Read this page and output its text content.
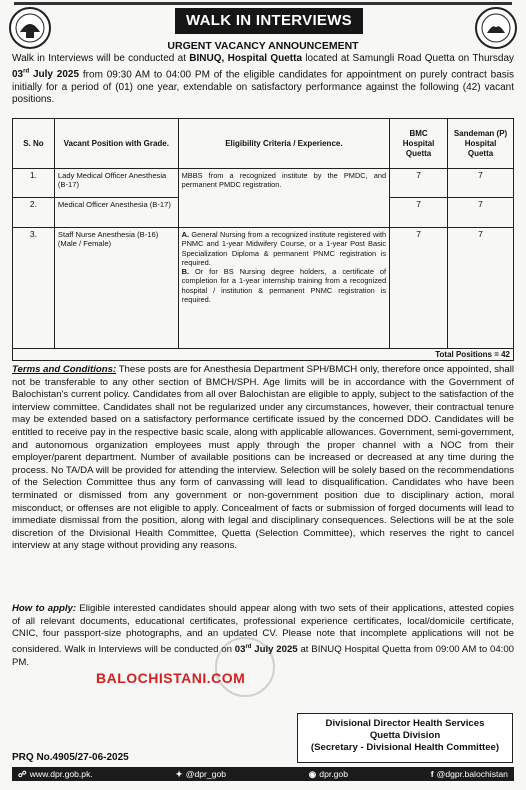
WALK IN INTERVIEWS
URGENT VACANCY ANNOUNCEMENT
Walk in Interviews will be conducted at BINUQ, Hospital Quetta located at Samungli Road Quetta on Thursday 03rd July 2025 from 09:30 AM to 04:00 PM of the eligible candidates for appointment on purely contract basis initially for a period of (01) one year, extendable on satisfactory performance against the following (42) vacant positions.
S. No	Vacant Position with Grade.	Eligibility Criteria / Experience.	BMC Hospital Quetta	Sandeman (P) Hospital Quetta
1.	Lady Medical Officer Anesthesia (B-17)	MBBS from a recognized institute by the PMDC, and permanent PMDC registration.	7	7
2.	Medical Officer Anesthesia (B-17)		7	7
3.	Staff Nurse Anesthesia (B-16) (Male / Female)	A. General Nursing from a recognized institute registered with PNMC and 1-year Midwifery Course, or a 1-year Post Basic Specialization Diploma & permanent PNMC registration is required.
B. Or for BS Nursing degree holders, a certificate of completion for a 1-year internship training from a recognized hospital / institution & permanent PNMC registration is required.	7	7
Total Positions = 42
Terms and Conditions: These posts are for Anesthesia Department SPH/BMCH only, therefore once appointed, shall not be transferable to any other section of BMCH/SPH. Age limits will be in accordance with the Government of Balochistan's current policy. Candidates from all over Balochistan are eligible to apply, subject to the satisfaction of the interview committee. Candidates shall not be regularized under any circumstances, however, their contractual tenure may be extended based on a satisfactory performance certificate issued by the concerned DDO. Candidates will be entitled to receive pay in the respective basic scale, along with applicable allowances. Government, semi-government, and autonomous organization employees must apply through the proper channel with a NOC from their employer/parent department. Number of available positions can be increased or decreased at any time during the process. No TA/DA will be provided for attending the interview. Selection will be solely based on the recommendations of the Selection Committee thus any form of canvassing will lead to disqualification. Candidates who have been terminated or dismissed from any government or non-government position due to disciplinary action, moral misconduct, or offenses are not eligible to apply. Concealment of facts or submission of forged documents will lead to immediate dismissal from the position, along with legal and disciplinary consequences. Selections will be at the sole discretion of the Divisional Health Committee, Quetta (Selection Committee), which reserves the right to cancel interview at any stage without providing any reasons.
How to apply: Eligible interested candidates should appear along with two sets of their applications, attested copies of all relevant documents, educational certificates, professional experience certificates, local/domicile certificate, CNIC, four passport-size photographs, and an updated CV. Please note that incomplete applications will not be considered. Walk in Interviews will be conducted on 03rd July 2025 at BINUQ Hospital Quetta from 09:00 AM to 04:00 PM.
BALOCHISTANI.COM
Divisional Director Health Services
Quetta Division
(Secretary - Divisional Health Committee)
PRQ No.4905/27-06-2025
☍ www.dpr.gob.pk.	✦ @dpr_gob	◉ dpr.gob	f @dgpr.balochistan
